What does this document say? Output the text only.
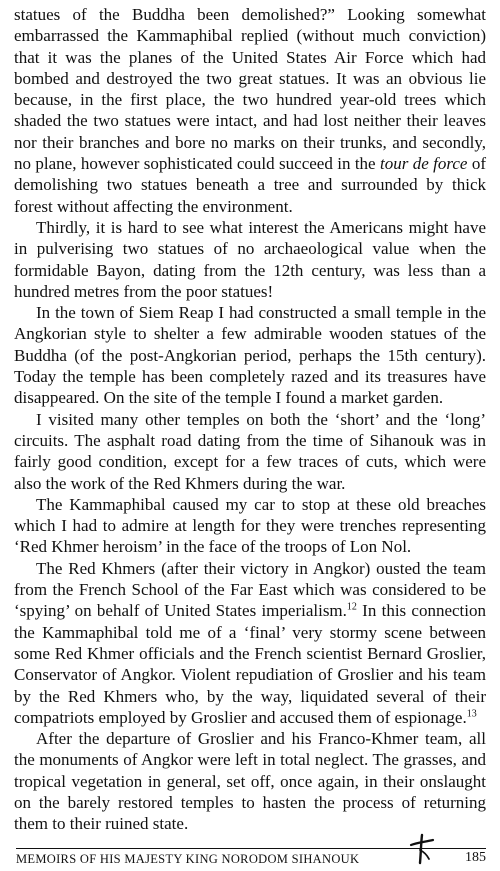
statues of the Buddha been demolished?” Looking somewhat embarrassed the Kammaphibal replied (without much conviction) that it was the planes of the United States Air Force which had bombed and destroyed the two great statues. It was an obvious lie because, in the first place, the two hundred year-old trees which shaded the two statues were intact, and had lost neither their leaves nor their branches and bore no marks on their trunks, and secondly, no plane, however sophisticated could succeed in the tour de force of demolishing two statues beneath a tree and surrounded by thick forest without affecting the environment.

Thirdly, it is hard to see what interest the Americans might have in pulverising two statues of no archaeological value when the formidable Bayon, dating from the 12th century, was less than a hundred metres from the poor statues!

In the town of Siem Reap I had constructed a small temple in the Angkorian style to shelter a few admirable wooden statues of the Buddha (of the post-Angkorian period, perhaps the 15th century). Today the temple has been completely razed and its treasures have disappeared. On the site of the temple I found a market garden.

I visited many other temples on both the ‘short’ and the ‘long’ circuits. The asphalt road dating from the time of Sihanouk was in fairly good condition, except for a few traces of cuts, which were also the work of the Red Khmers during the war.

The Kammaphibal caused my car to stop at these old breaches which I had to admire at length for they were trenches representing ‘Red Khmer heroism’ in the face of the troops of Lon Nol.

The Red Khmers (after their victory in Angkor) ousted the team from the French School of the Far East which was considered to be ‘spying’ on behalf of United States imperialism.$^{12}$ In this connection the Kammaphibal told me of a ‘final’ very stormy scene between some Red Khmer officials and the French scientist Bernard Groslier, Conservator of Angkor. Violent repudiation of Groslier and his team by the Red Khmers who, by the way, liquidated several of their compatriots employed by Groslier and accused them of espionage.$^{13}$

After the departure of Groslier and his Franco-Khmer team, all the monuments of Angkor were left in total neglect. The grasses, and tropical vegetation in general, set off, once again, in their onslaught on the barely restored temples to hasten the process of returning them to their ruined state.

MEMOIRS OF HIS MAJESTY KING NORODOM SIHANOUK	185
